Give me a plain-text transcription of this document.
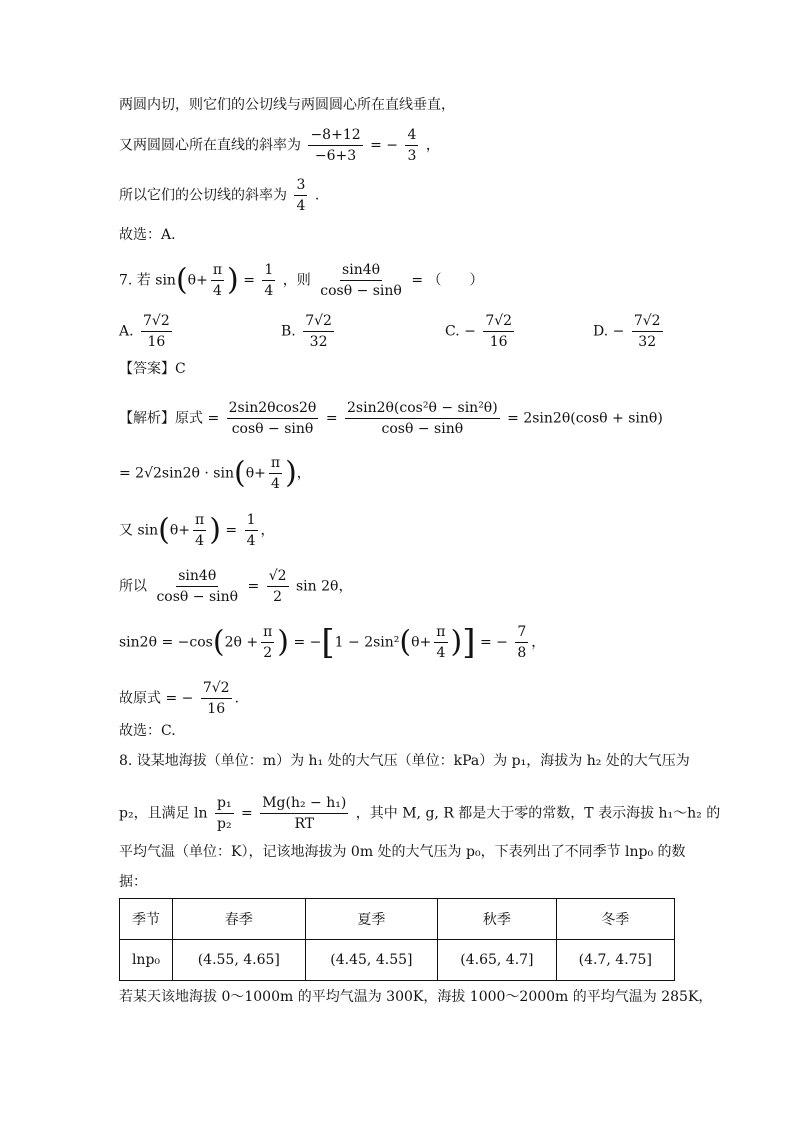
两圆内切，则它们的公切线与两圆圆心所在直线垂直，
又两圆圆心所在直线的斜率为 $\frac{-8+12}{-6+3}$ = − $\frac{4}{3}$ ，
所以它们的公切线的斜率为 $\frac{3}{4}$ .
故选：A.
7. 若 $\sin(\theta+ \frac{\pi}{4}$ ) = $\frac{1}{4}$ ，则 $\frac{\sin 4\theta}{\cos\theta - \sin\theta}$ = （　　）
A. $\frac{7√2}{16}$	B. $\frac{7√2}{32}$	C. − $\frac{7√2}{16}$	D. − $\frac{7√2}{32}$
【答案】C
【解析】原式 = $\frac{2\sin 2\theta\cos 2\theta}{\cos\theta - \sin\theta} = \frac{\text{2sin2θ(cos²θ − sin²θ)}}{\cos\theta - \sin\theta} = 2\sin 2\theta(\cos\theta + \sin\theta)$
= $2√2\sin 2\theta \cdot \sin(\theta+ \frac{\pi}{4}$ )，
又 $\sin(\theta+ \frac{\pi}{4}$ ) = $\frac{1}{4}$ ，
所以 $\frac{\sin 4\theta}{\cos\theta - \sin\theta} = \frac{√2}{2}$ sin 2θ，
$\sin 2\theta = -\cos(2\theta + \frac{\pi}{2}$ ) = $-[1 - 2\sin^2(\theta+ \frac{\pi}{4}$ )] = − $\frac{7}{8}$ ，
故原式 = − $\frac{7√2}{16}$ .
故选：C.
8. 设某地海拔（单位：m）为 h₁ 处的大气压（单位：kPa）为 p₁，海拔为 h₂ 处的大气压为
p₂，且满足 $\ln \frac{\text{p₁}}{\text{p₂}} = \frac{\text{Mg(h₂ − h₁)}}{RT}$ ，其中 M, g, R 都是大于零的常数，T 表示海拔 h₁～h₂ 的
平均气温（单位：K），记该地海拔为 0m 处的大气压为 p₀，下表列出了不同季节 lnp₀ 的数
据：
季节	春季	夏季	秋季	冬季
lnp₀	(4.55, 4.65]	(4.45, 4.55]	(4.65, 4.7]	(4.7, 4.75]
若某天该地海拔 0～1000m 的平均气温为 300K，海拔 1000～2000m 的平均气温为 285K，
